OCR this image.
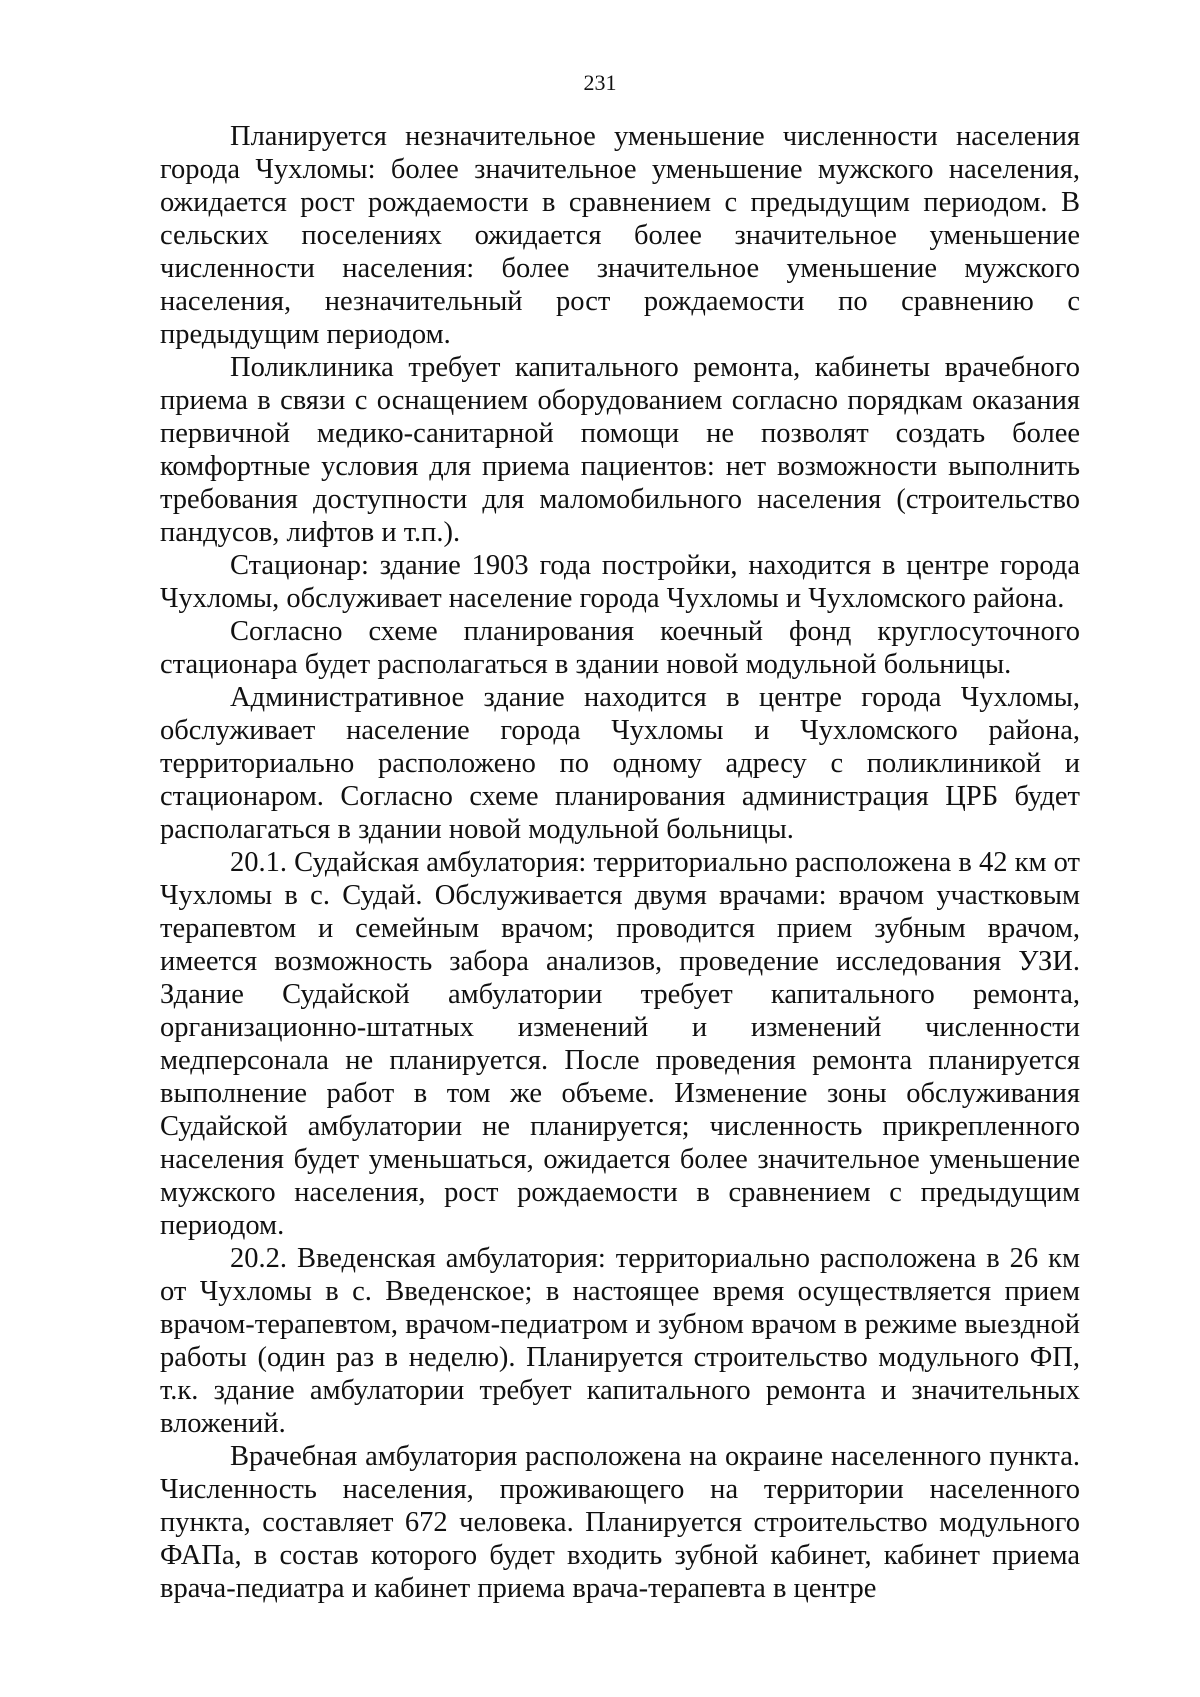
231

Планируется незначительное уменьшение численности населения города Чухломы: более значительное уменьшение мужского населения, ожидается рост рождаемости в сравнением с предыдущим периодом. В сельских поселениях ожидается более значительное уменьшение численности населения: более значительное уменьшение мужского населения, незначительный рост рождаемости по сравнению с предыдущим периодом.

Поликлиника требует капитального ремонта, кабинеты врачебного приема в связи с оснащением оборудованием согласно порядкам оказания первичной медико-санитарной помощи не позволят создать более комфортные условия для приема пациентов: нет возможности выполнить требования доступности для маломобильного населения (строительство пандусов, лифтов и т.п.).

Стационар: здание 1903 года постройки, находится в центре города Чухломы, обслуживает население города Чухломы и Чухломского района.

Согласно схеме планирования коечный фонд круглосуточного стационара будет располагаться в здании новой модульной больницы.

Административное здание находится в центре города Чухломы, обслуживает население города Чухломы и Чухломского района, территориально расположено по одному адресу с поликлиникой и стационаром. Согласно схеме планирования администрация ЦРБ будет располагаться в здании новой модульной больницы.

20.1. Судайская амбулатория: территориально расположена в 42 км от Чухломы в с. Судай. Обслуживается двумя врачами: врачом участковым терапевтом и семейным врачом; проводится прием зубным врачом, имеется возможность забора анализов, проведение исследования УЗИ. Здание Судайской амбулатории требует капитального ремонта, организационно-штатных изменений и изменений численности медперсонала не планируется. После проведения ремонта планируется выполнение работ в том же объеме. Изменение зоны обслуживания Судайской амбулатории не планируется; численность прикрепленного населения будет уменьшаться, ожидается более значительное уменьшение мужского населения, рост рождаемости в сравнением с предыдущим периодом.

20.2. Введенская амбулатория: территориально расположена в 26 км от Чухломы в с. Введенское; в настоящее время осуществляется прием врачом-терапевтом, врачом-педиатром и зубном врачом в режиме выездной работы (один раз в неделю). Планируется строительство модульного ФП, т.к. здание амбулатории требует капитального ремонта и значительных вложений.

Врачебная амбулатория расположена на окраине населенного пункта. Численность населения, проживающего на территории населенного пункта, составляет 672 человека. Планируется строительство модульного ФАПа, в состав которого будет входить зубной кабинет, кабинет приема врача-педиатра и кабинет приема врача-терапевта в центре
